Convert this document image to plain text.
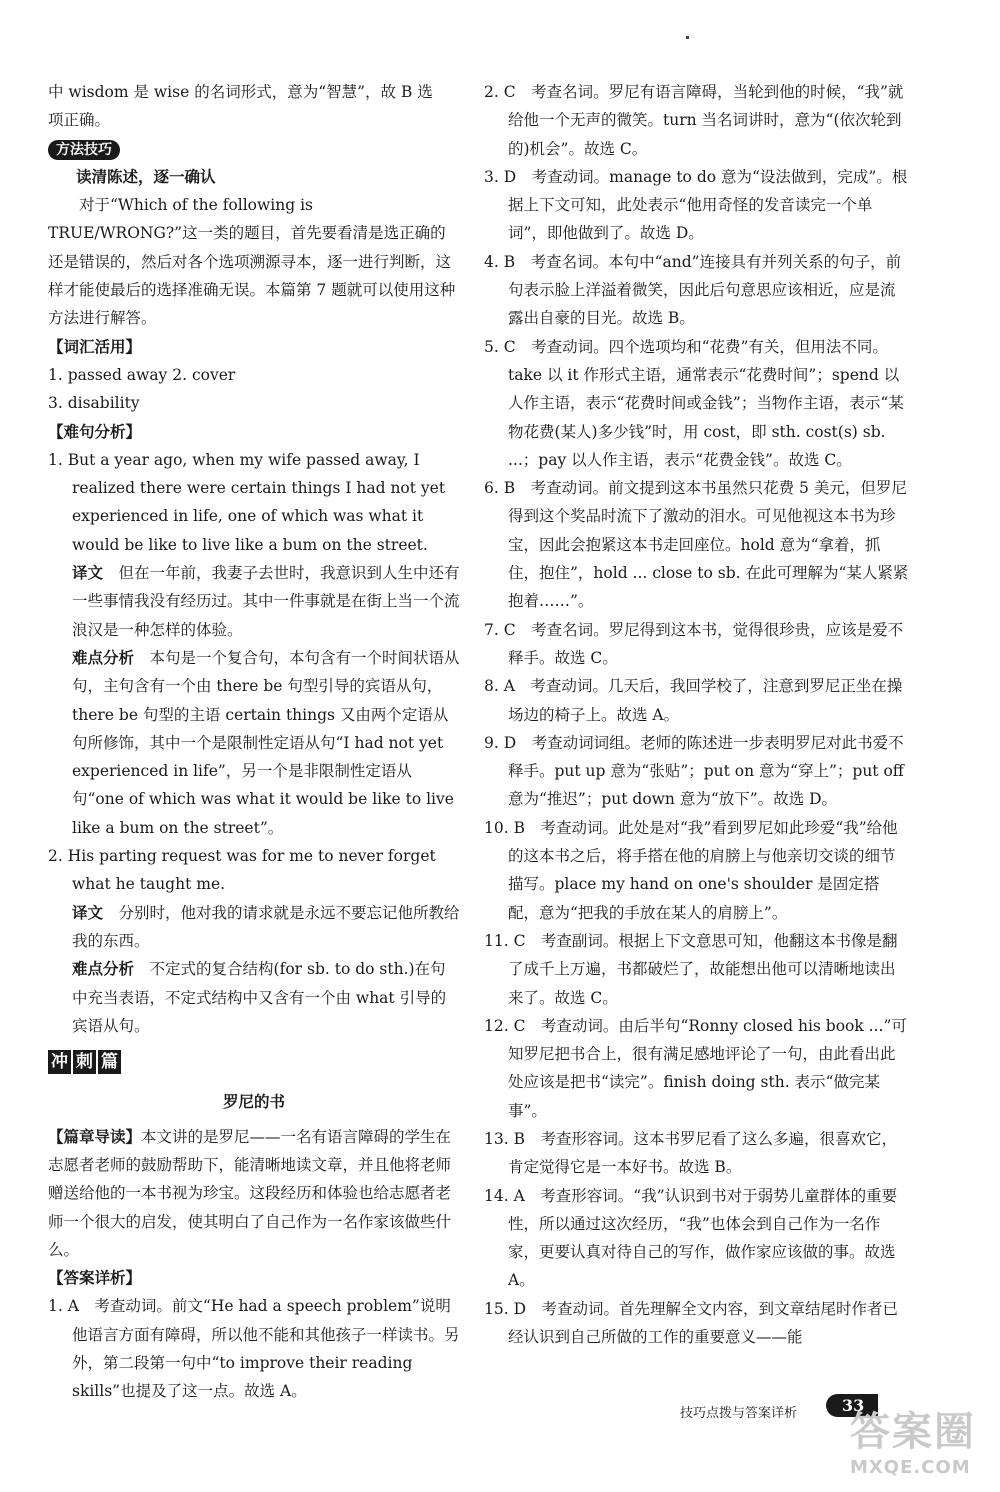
中 wisdom 是 wise 的名词形式，意为“智慧”，故 B 选

项正确。

方法技巧

读清陈述，逐一确认

对于“Which of the following is TRUE/WRONG?”这一类的题目，首先要看清是选正确的还是错误的，然后对各个选项溯源寻本，逐一进行判断，这样才能使最后的选择准确无误。本篇第 7 题就可以使用这种方法进行解答。

【词汇活用】

1. passed away 2. cover

3. disability

【难句分析】

1. But a year ago, when my wife passed away, I realized there were certain things I had not yet experienced in life, one of which was what it would be like to live like a bum on the street.

译文　 但在一年前，我妻子去世时，我意识到人生中还有一些事情我没有经历过。其中一件事就是在街上当一个流浪汉是一种怎样的体验。

难点分析　 本句是一个复合句，本句含有一个时间状语从句，主句含有一个由 there be 句型引导的宾语从句，there be 句型的主语 certain things 又由两个定语从句所修饰，其中一个是限制性定语从句“I had not yet experienced in life”，另一个是非限制性定语从句“one of which was what it would be like to live like a bum on the street”。

2. His parting request was for me to never forget what he taught me.

译文　 分别时，他对我的请求就是永远不要忘记他所教给我的东西。

难点分析　 不定式的复合结构(for sb. to do sth.)在句中充当表语，不定式结构中又含有一个由 what 引导的宾语从句。

冲 刺 篇

罗尼的书

【篇章导读】本文讲的是罗尼——一名有语言障碍的学生在志愿者老师的鼓励帮助下，能清晰地读文章，并且他将老师赠送给他的一本书视为珍宝。这段经历和体验也给志愿者老师一个很大的启发，使其明白了自己作为一名作家该做些什么。

【答案详析】

1. A　考查动词。前文“He had a speech problem”说明他语言方面有障碍，所以他不能和其他孩子一样读书。另外，第二段第一句中“to improve their reading skills”也提及了这一点。故选 A。

2. C　考查名词。罗尼有语言障碍，当轮到他的时候，“我”就给他一个无声的微笑。turn 当名词讲时，意为“(依次轮到的)机会”。故选 C。

3. D　考查动词。manage to do 意为“设法做到，完成”。根据上下文可知，此处表示“他用奇怪的发音读完一个单词”，即他做到了。故选 D。

4. B　考查名词。本句中“and”连接具有并列关系的句子，前句表示脸上洋溢着微笑，因此后句意思应该相近，应是流露出自豪的目光。故选 B。

5. C　考查动词。四个选项均和“花费”有关，但用法不同。take 以 it 作形式主语，通常表示“花费时间”；spend 以人作主语，表示“花费时间或金钱”；当物作主语，表示“某物花费(某人)多少钱”时，用 cost，即 sth. cost(s) sb. ...；pay 以人作主语，表示“花费金钱”。故选 C。

6. B　考查动词。前文提到这本书虽然只花费 5 美元，但罗尼得到这个奖品时流下了激动的泪水。可见他视这本书为珍宝，因此会抱紧这本书走回座位。hold 意为“拿着，抓住，抱住”，hold ... close to sb. 在此可理解为“某人紧紧抱着……”。

7. C　考查名词。罗尼得到这本书，觉得很珍贵，应该是爱不释手。故选 C。

8. A　考查动词。几天后，我回学校了，注意到罗尼正坐在操场边的椅子上。故选 A。

9. D　考查动词词组。老师的陈述进一步表明罗尼对此书爱不释手。put up 意为“张贴”；put on 意为“穿上”；put off 意为“推迟”；put down 意为“放下”。故选 D。

10. B　考查动词。此处是对“我”看到罗尼如此珍爱“我”给他的这本书之后，将手搭在他的肩膀上与他亲切交谈的细节描写。place my hand on one's shoulder 是固定搭配，意为“把我的手放在某人的肩膀上”。

11. C　考查副词。根据上下文意思可知，他翻这本书像是翻了成千上万遍，书都破烂了，故能想出他可以清晰地读出来了。故选 C。

12. C　考查动词。由后半句“Ronny closed his book ...”可知罗尼把书合上，很有满足感地评论了一句，由此看出此处应该是把书“读完”。finish doing sth. 表示“做完某事”。

13. B　考查形容词。这本书罗尼看了这么多遍，很喜欢它，肯定觉得它是一本好书。故选 B。

14. A　考查形容词。“我”认识到书对于弱势儿童群体的重要性，所以通过这次经历，“我”也体会到自己作为一名作家，更要认真对待自己的写作，做作家应该做的事。故选 A。

15. D　考查动词。首先理解全文内容，到文章结尾时作者已经认识到自己所做的工作的重要意义——能

技巧点拨与答案详析	33
答案圈
MXQE.COM
